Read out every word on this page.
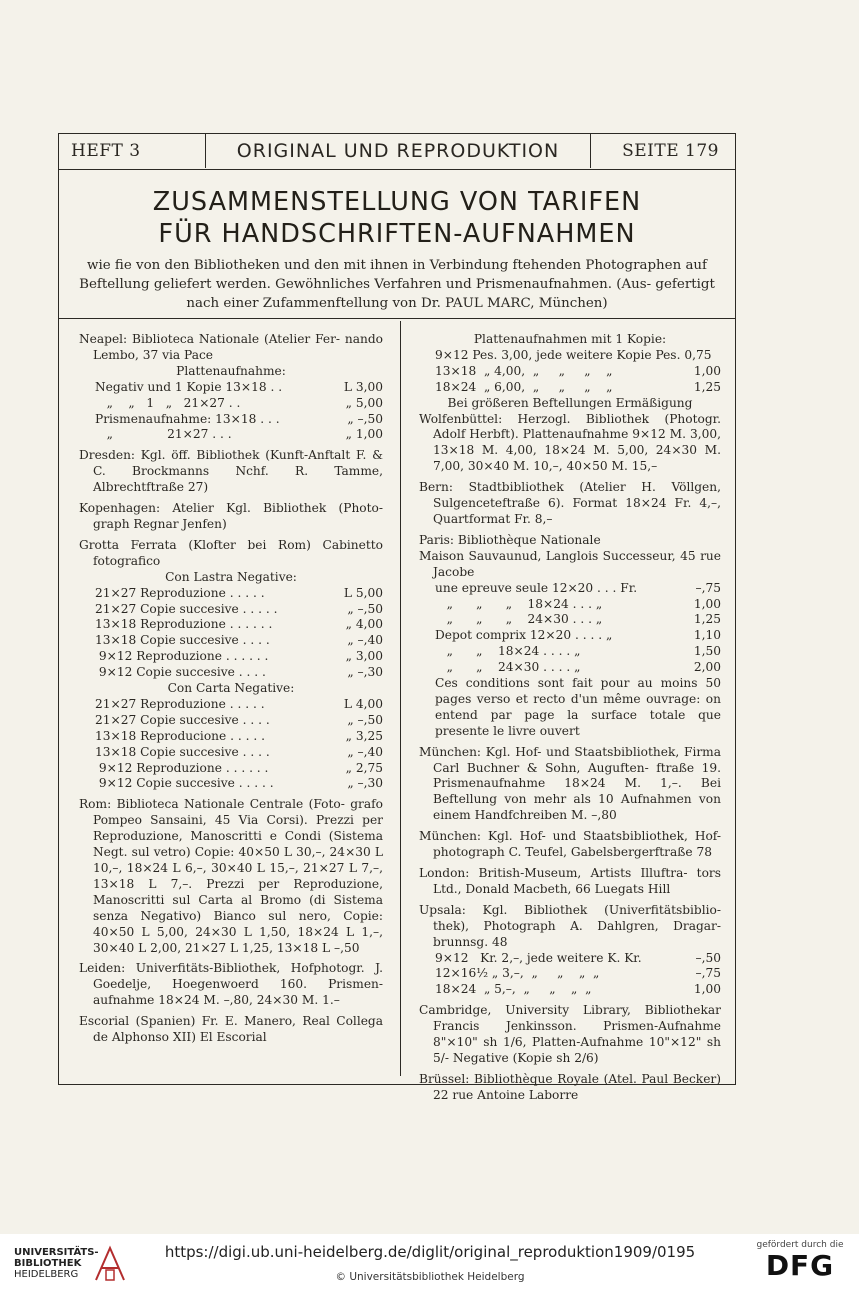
HEFT 3	ORIGINAL UND REPRODUKTION	SEITE 179
ZUSAMMENSTELLUNG VON TARIFEN
FÜR HANDSCHRIFTEN-AUFNAHMEN
wie fie von den Bibliotheken und den mit ihnen in Verbindung ftehenden Photographen auf Beftellung geliefert werden. Gewöhnliches Verfahren und Prismenaufnahmen. (Aus- gefertigt nach einer Zufammenftellung von Dr. PAUL MARC, München)
Neapel: Biblioteca Nationale (Atelier Fer- nando Lembo, 37 via Pace
Plattenaufnahme:
Negativ und 1 Kopie 13×18 . .	L 3,00
„    „   1   „   21×27 . .	„ 5,00
Prismenaufnahme: 13×18 . . .	„ –,50
„              21×27 . . .	„ 1,00
Dresden: Kgl. öff. Bibliothek (Kunft-Anftalt F. & C. Brockmanns Nchf. R. Tamme, Albrechtftraße 27)
Kopenhagen: Atelier Kgl. Bibliothek (Photo- graph Regnar Jenfen)
Grotta Ferrata (Klofter bei Rom) Cabinetto fotografico
Con Lastra Negative:
21×27 Reproduzione . . . . .	L 5,00
21×27 Copie succesive . . . . .	„ –,50
13×18 Reproduzione . . . . . .	„ 4,00
13×18 Copie succesive . . . .	„ –,40
9×12 Reproduzione . . . . . .	„ 3,00
9×12 Copie succesive . . . .	„ –,30
Con Carta Negative:
21×27 Reproduzione . . . . .	L 4,00
21×27 Copie succesive . . . .	„ –,50
13×18 Reproducione . . . . .	„ 3,25
13×18 Copie succesive . . . .	„ –,40
9×12 Reproduzione . . . . . .	„ 2,75
9×12 Copie succesive . . . . .	„ –,30
Rom: Biblioteca Nationale Centrale (Foto- grafo Pompeo Sansaini, 45 Via Corsi). Prezzi per Reproduzione, Manoscritti e Condi (Sistema Negt. sul vetro) Copie: 40×50 L 30,–, 24×30 L 10,–, 18×24 L 6,–, 30×40 L 15,–, 21×27 L 7,–, 13×18 L 7,–. Prezzi per Reproduzione, Manoscritti sul Carta al Bromo (di Sistema senza Negativo) Bianco sul nero, Copie: 40×50 L 5,00, 24×30 L 1,50, 18×24 L 1,–, 30×40 L 2,00, 21×27 L 1,25, 13×18 L –,50
Leiden: Univerfitäts-Bibliothek, Hofphotogr. J. Goedelje, Hoegenwoerd 160. Prismen- aufnahme 18×24 M. –,80, 24×30 M. 1.–
Escorial (Spanien) Fr. E. Manero, Real Collega de Alphonso XII) El Escorial
Plattenaufnahmen mit 1 Kopie:
9×12 Pes. 3,00, jede weitere Kopie Pes. 0,75
13×18  „ 4,00,  „     „     „    „	1,00
18×24  „ 6,00,  „     „     „    „	1,25
Bei größeren Beftellungen Ermäßigung
Wolfenbüttel: Herzogl. Bibliothek (Photogr. Adolf Herbft). Plattenaufnahme 9×12 M. 3,00, 13×18 M. 4,00, 18×24 M. 5,00, 24×30 M. 7,00, 30×40 M. 10,–, 40×50 M. 15,–
Bern: Stadtbibliothek (Atelier H. Völlgen, Sulgenceteftraße 6). Format 18×24 Fr. 4,–, Quartformat Fr. 8,–
Paris: Bibliothèque Nationale
Maison Sauvaunud, Langlois Successeur, 45 rue Jacobe
une epreuve seule 12×20 . . . Fr.	–,75
„      „      „    18×24 . . . „	1,00
„      „      „    24×30 . . . „	1,25
Depot comprix 12×20 . . . . „	1,10
„      „    18×24 . . . . „	1,50
„      „    24×30 . . . . „	2,00
Ces conditions sont fait pour au moins 50 pages verso et recto d'un même ouvrage: on entend par page la surface totale que presente le livre ouvert
München: Kgl. Hof- und Staatsbibliothek, Firma Carl Buchner & Sohn, Auguften- ftraße 19. Prismenaufnahme 18×24 M. 1,–. Bei Beftellung von mehr als 10 Aufnahmen von einem Handfchreiben M. –,80
München: Kgl. Hof- und Staatsbibliothek, Hof- photograph C. Teufel, Gabelsbergerftraße 78
London: British-Museum, Artists Illuftra- tors Ltd., Donald Macbeth, 66 Luegats Hill
Upsala: Kgl. Bibliothek (Univerfitätsbiblio- thek), Photograph A. Dahlgren, Dragar- brunnsg. 48
9×12   Kr. 2,–, jede weitere K. Kr.	–,50
12×16½ „ 3,–,  „     „    „  „	–,75
18×24  „ 5,–,  „     „    „  „	1,00
Cambridge, University Library, Bibliothekar Francis Jenkinsson. Prismen-Aufnahme 8"×10" sh 1/6, Platten-Aufnahme 10"×12" sh 5/- Negative (Kopie sh 2/6)
Brüssel: Bibliothèque Royale (Atel. Paul Becker) 22 rue Antoine Laborre
UNIVERSITÄTS-
BIBLIOTHEK
HEIDELBERG
https://digi.ub.uni-heidelberg.de/diglit/original_reproduktion1909/0195
© Universitätsbibliothek Heidelberg
gefördert durch die
DFG
